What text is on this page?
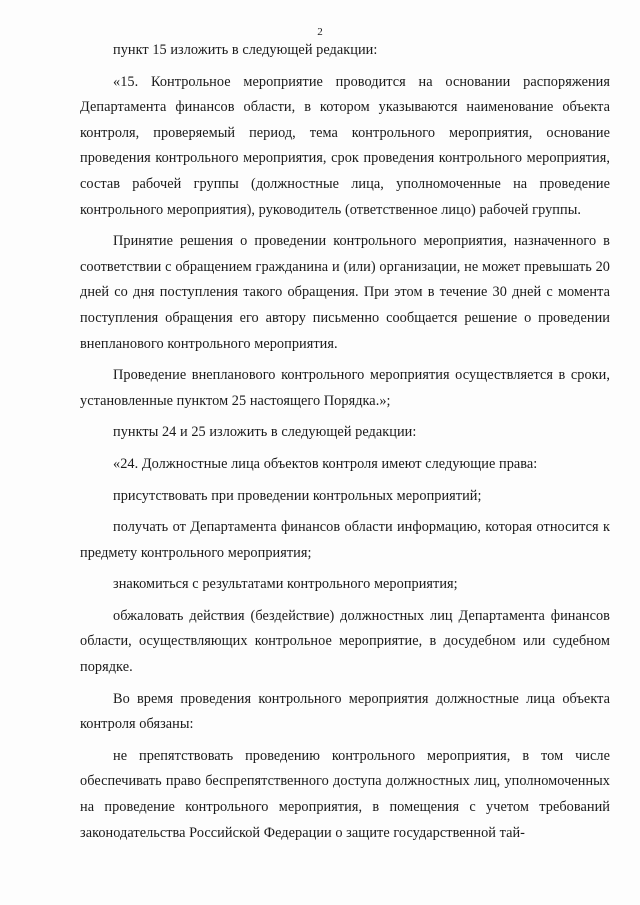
2

пункт 15 изложить в следующей редакции:

«15. Контрольное мероприятие проводится на основании распоряжения Департамента финансов области, в котором указываются наименование объекта контроля, проверяемый период, тема контрольного мероприятия, основание проведения контрольного мероприятия, срок проведения контрольного мероприятия, состав рабочей группы (должностные лица, уполномоченные на проведение контрольного мероприятия), руководитель (ответственное лицо) рабочей группы.

Принятие решения о проведении контрольного мероприятия, назначенного в соответствии с обращением гражданина и (или) организации, не может превышать 20 дней со дня поступления такого обращения. При этом в течение 30 дней с момента поступления обращения его автору письменно сообщается решение о проведении внепланового контрольного мероприятия.

Проведение внепланового контрольного мероприятия осуществляется в сроки, установленные пунктом 25 настоящего Порядка.»;

пункты 24 и 25 изложить в следующей редакции:

«24. Должностные лица объектов контроля имеют следующие права:

присутствовать при проведении контрольных мероприятий;

получать от Департамента финансов области информацию, которая относится к предмету контрольного мероприятия;

знакомиться с результатами контрольного мероприятия;

обжаловать действия (бездействие) должностных лиц Департамента финансов области, осуществляющих контрольное мероприятие, в досудебном или судебном порядке.

Во время проведения контрольного мероприятия должностные лица объекта контроля обязаны:

не препятствовать проведению контрольного мероприятия, в том числе обеспечивать право беспрепятственного доступа должностных лиц, уполномоченных на проведение контрольного мероприятия, в помещения с учетом требований законодательства Российской Федерации о защите государственной тай-
